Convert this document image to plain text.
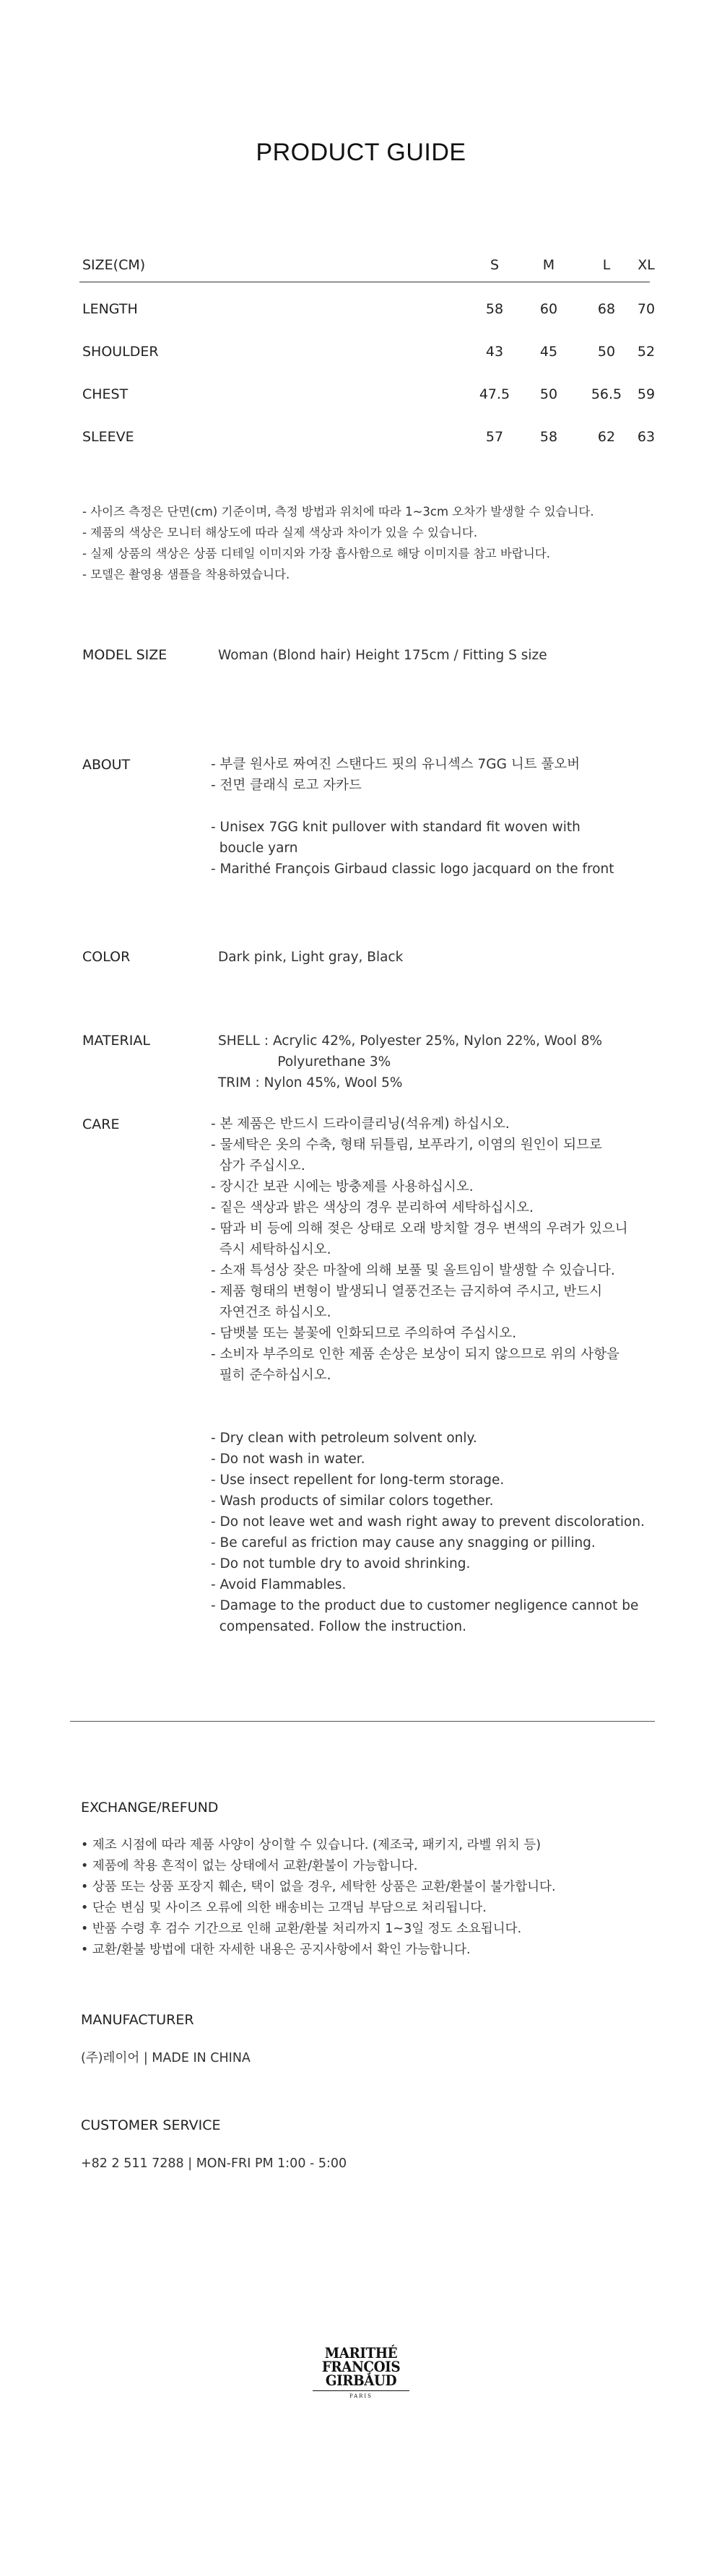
PRODUCT GUIDE
SIZE(CM)	S	M	L	XL
LENGTH	58	60	68	70
SHOULDER	43	45	50	52
CHEST	47.5	50	56.5	59
SLEEVE	57	58	62	63
- 사이즈 측정은 단면(cm) 기준이며, 측정 방법과 위치에 따라 1~3cm 오차가 발생할 수 있습니다.
- 제품의 색상은 모니터 해상도에 따라 실제 색상과 차이가 있을 수 있습니다.
- 실제 상품의 색상은 상품 디테일 이미지와 가장 흡사함으로 해당 이미지를 참고 바랍니다.
- 모델은 촬영용 샘플을 착용하였습니다.
MODEL SIZE	Woman (Blond hair) Height 175cm / Fitting S size
ABOUT	- 부클 원사로 짜여진 스탠다드 핏의 유니섹스 7GG 니트 풀오버
- 전면 클래식 로고 자카드

- Unisex 7GG knit pullover with standard fit woven with
boucle yarn
- Marithé François Girbaud classic logo jacquard on the front
COLOR	Dark pink, Light gray, Black
MATERIAL	SHELL : Acrylic 42%, Polyester 25%, Nylon 22%, Wool 8%
Polyurethane 3%
TRIM : Nylon 45%, Wool 5%
CARE	- 본 제품은 반드시 드라이클리닝(석유계) 하십시오.
- 물세탁은 옷의 수축, 형태 뒤틀림, 보푸라기, 이염의 원인이 되므로
삼가 주십시오.
- 장시간 보관 시에는 방충제를 사용하십시오.
- 짙은 색상과 밝은 색상의 경우 분리하여 세탁하십시오.
- 땀과 비 등에 의해 젖은 상태로 오래 방치할 경우 변색의 우려가 있으니
즉시 세탁하십시오.
- 소재 특성상 잦은 마찰에 의해 보풀 및 올트임이 발생할 수 있습니다.
- 제품 형태의 변형이 발생되니 열풍건조는 금지하여 주시고, 반드시
자연건조 하십시오.
- 담뱃불 또는 불꽃에 인화되므로 주의하여 주십시오.
- 소비자 부주의로 인한 제품 손상은 보상이 되지 않으므로 위의 사항을
필히 준수하십시오.

- Dry clean with petroleum solvent only.
- Do not wash in water.
- Use insect repellent for long-term storage.
- Wash products of similar colors together.
- Do not leave wet and wash right away to prevent discoloration.
- Be careful as friction may cause any snagging or pilling.
- Do not tumble dry to avoid shrinking.
- Avoid Flammables.
- Damage to the product due to customer negligence cannot be
compensated. Follow the instruction.
EXCHANGE/REFUND
• 제조 시점에 따라 제품 사양이 상이할 수 있습니다. (제조국, 패키지, 라벨 위치 등)
• 제품에 착용 흔적이 없는 상태에서 교환/환불이 가능합니다.
• 상품 또는 상품 포장지 훼손, 택이 없을 경우, 세탁한 상품은 교환/환불이 불가합니다.
• 단순 변심 및 사이즈 오류에 의한 배송비는 고객님 부담으로 처리됩니다.
• 반품 수령 후 검수 기간으로 인해 교환/환불 처리까지 1~3일 정도 소요됩니다.
• 교환/환불 방법에 대한 자세한 내용은 공지사항에서 확인 가능합니다.
MANUFACTURER
(주)레이어 | MADE IN CHINA
CUSTOMER SERVICE
+82 2 511 7288 | MON-FRI PM 1:00 - 5:00
MARITHÉ
FRANÇOIS
GIRBAUD
PARIS
